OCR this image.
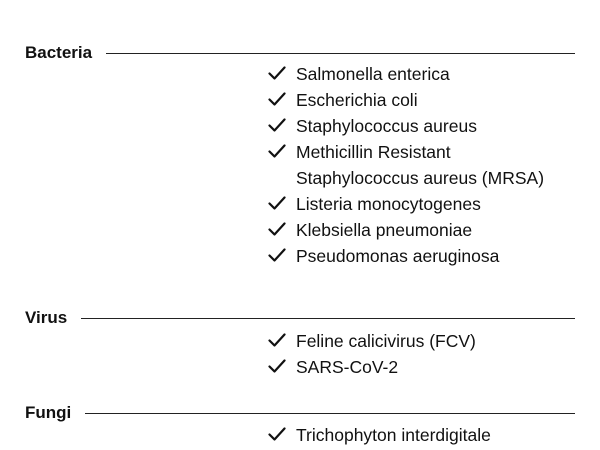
Bacteria
Salmonella enterica
Escherichia coli
Staphylococcus aureus
Methicillin Resistant
Staphylococcus aureus (MRSA)
Listeria monocytogenes
Klebsiella pneumoniae
Pseudomonas aeruginosa
Virus
Feline calicivirus (FCV)
SARS-CoV-2
Fungi
Trichophyton interdigitale
